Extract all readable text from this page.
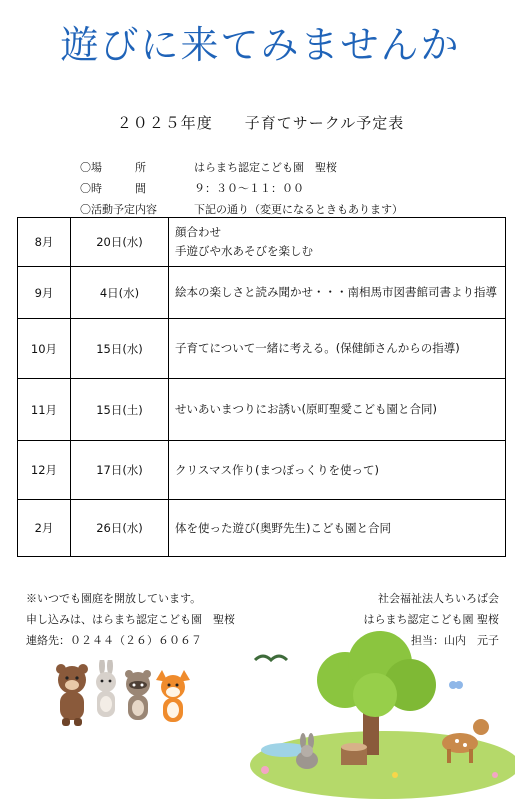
遊びに来てみませんか
２０２５年度　　子育てサークル予定表
〇場　　　所	はらまち認定こども園　聖桜
〇時　　　間	９：３０～１１：００
〇活動予定内容	下記の通り（変更になるときもあります）
8月	20日(水)	顔合わせ
手遊びや水あそびを楽しむ

9月	4日(水)	絵本の楽しさと読み聞かせ・・・南相馬市図書館司書より指導

10月	15日(水)	子育てについて一緒に考える。(保健師さんからの指導)

11月	15日(土)	せいあいまつりにお誘い(原町聖愛こども園と合同)

12月	17日(水)	クリスマス作り(まつぼっくりを使って)

2月	26日(水)	体を使った遊び(奥野先生)こども園と合同
※いつでも園庭を開放しています。
申し込みは、はらまち認定こども園　聖桜
連絡先：０２４４（２６）６０６７
社会福祉法人ちいろば会
はらまち認定こども園 聖桜
担当：山内　元子
